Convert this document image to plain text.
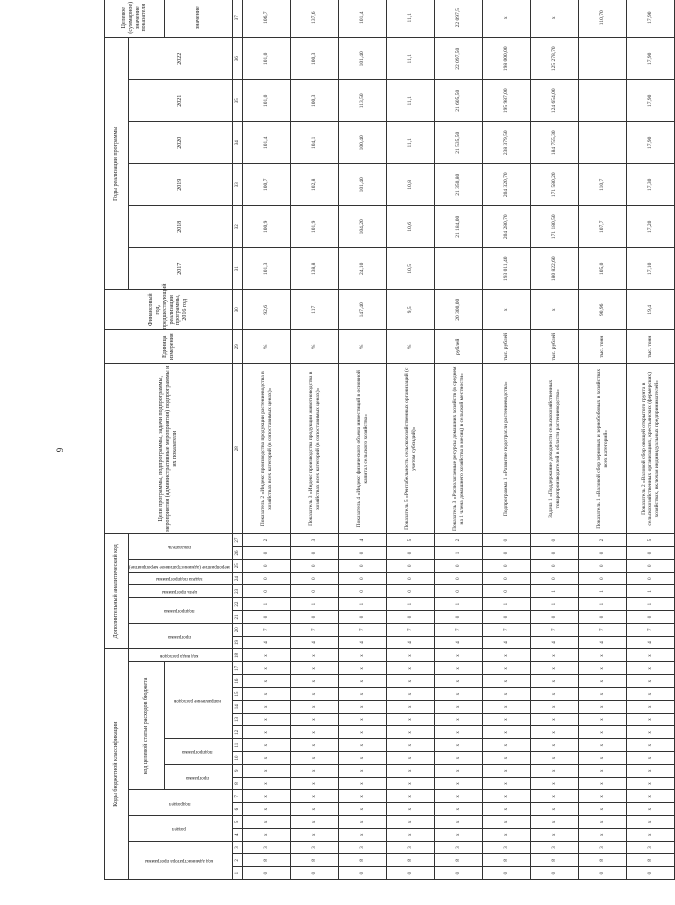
9
Коды бюджетной классификации																		Дополнительный аналитический код									Цели программы, подпрограммы, задачи подпрограммы, мероприятия (административные мероприятия) подпрограммы и их показатели	Единица измерения	Финансовый год, предшествующий реализации программы, 2016 год	Годы реализации программы						Целевое (суммарное) значение показателя
код администратора программы			раздел		подраздел		код целевой статьи расходов бюджета										код вида расходов	программа		подпрограмма		цель программы	задача подпрограммы	мероприятие (административное мероприятие)	показатель					2017	2018	2019	2020	2021	2022	
							программа		подпрограмма		направление расходов																									значение
1	2	3	4	5	6	7	8	9	10	11	12	13	14	15	16	17	18	19	20	21	22	23	24	25	26	27	28	29	30	31	32	33	34	35	36	37
0	8	3	x	x	x	x	x	x	x	x	x	x	x	x	x	x	x	4	7	0	1	0	0	0	0	2	Показатель 2 «Индекс производства продукции растениеводства в хозяйствах всех категорий (в сопоставимых ценах)»	%	92,6	101,3	100,9	100,7	101,4	101,0	101,0	106,7
0	8	3	x	x	x	x	x	x	x	x	x	x	x	x	x	x	x	4	7	0	1	0	0	0	0	3	Показатель 3 «Индекс производства продукции животноводства в хозяйствах всех категорий (в сопоставимых ценах)»	%	117	138,8	101,9	102,8	104,1	100,3	100,3	137,6
0	8	3	x	x	x	x	x	x	x	x	x	x	x	x	x	x	x	4	7	0	1	0	0	0	0	4	Показатель 4 «Индекс физического объема инвестиций в основной капитал сельского хозяйства»	%	147,40	24,10	104,20	101,40	100,40	113,50	101,40	101,4
0	8	3	x	x	x	x	x	x	x	x	x	x	x	x	x	x	x	4	7	0	1	0	0	0	0	5	Показатель 5 «Рентабельность сельскохозяйственных организаций (с учетом субсидий)»	%	9,5	10,5	10,6	10,8	11,1	11,1	11,1	11,1
0	8	3	x	x	x	x	x	x	x	x	x	x	x	x	x	x	x	4	7	0	1	0	0	0	1	2	Показатель 3 «Располагаемые ресурсы домашних хозяйств (в среднем на 1 члена домашнего хозяйства в месяц) в сельской местности»	рублей	20 300,00		21 184,00	21 350,80	21 535,50	21 605,50	22 097,50	22 097,5
0	8	3	x	x	x	x	x	x	x	x	x	x	x	x	x	x	x	4	7	0	1	0	0	0	0	0	Подпрограмма 1 «Развитие подотрасли растениеводства»	тыс. рублей	x	193 011,40	204 280,70	204 320,70	238 379,50	195 987,00	198 000,00	x
0	8	3	x	x	x	x	x	x	x	x	x	x	x	x	x	x	x	4	7	0	1	1	0	0	0	0	Задача 1 «Поддержание доходности сельскохозяйственных товаропроизводителей в области растениеводства»	тыс. рублей	x	180 822,60	171 180,50	171 580,20	184 755,30	124 654,00	125 278,70	x
0	8	3	x	x	x	x	x	x	x	x	x	x	x	x	x	x	x	4	7	0	1	1	0	0	0	2	Показатель 1 «Валовой сбор зерновых и зернобобовых в хозяйствах всех категорий»	тыс. тонн	90,96	105,0	107,7	110,7				110,70
0	8	3	x	x	x	x	x	x	x	x	x	x	x	x	x	x	x	4	7	0	1	1	0	0	0	5	Показатель 2 «Валовой сбор овощей открытого грунта в сельскохозяйственных организациях, крестьянских (фермерских) хозяйствах, включая индивидуальных предпринимателей»	тыс. тонн	19,4	17,10	17,20	17,30	17,90	17,90	17,90	17,90
